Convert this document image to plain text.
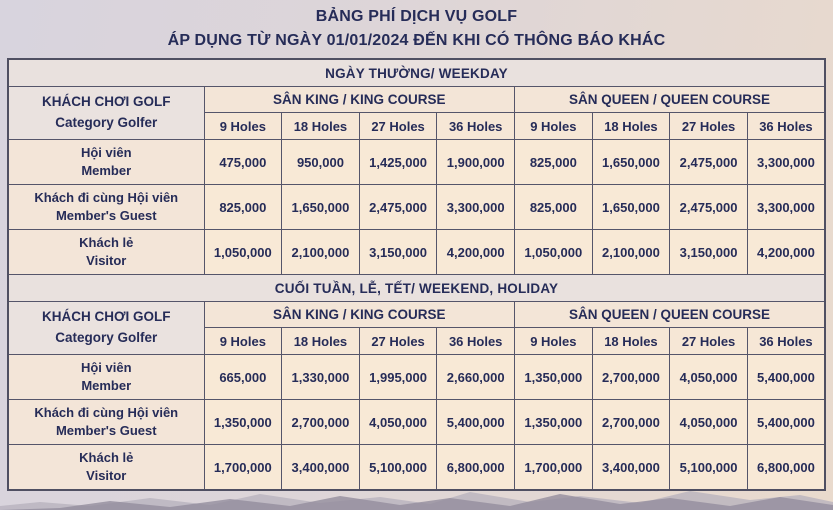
BẢNG PHÍ DỊCH VỤ GOLF
ÁP DỤNG TỪ NGÀY 01/01/2024 ĐẾN KHI CÓ THÔNG BÁO KHÁC
NGÀY THƯỜNG/ WEEKDAY								

KHÁCH CHƠI GOLF
Category Golfer	SÂN KING / KING COURSE				SÂN QUEEN / QUEEN COURSE			
	9 Holes	18 Holes	27 Holes	36 Holes	9 Holes	18 Holes	27 Holes	36 Holes

Hội viên
Member	475,000	950,000	1,425,000	1,900,000	825,000	1,650,000	2,475,000	3,300,000

Khách đi cùng Hội viên
Member's Guest	825,000	1,650,000	2,475,000	3,300,000	825,000	1,650,000	2,475,000	3,300,000

Khách lẻ
Visitor	1,050,000	2,100,000	3,150,000	4,200,000	1,050,000	2,100,000	3,150,000	4,200,000
CUỐI TUẦN, LỄ, TẾT/ WEEKEND, HOLIDAY								

KHÁCH CHƠI GOLF
Category Golfer	SÂN KING / KING COURSE				SÂN QUEEN / QUEEN COURSE			
	9 Holes	18 Holes	27 Holes	36 Holes	9 Holes	18 Holes	27 Holes	36 Holes

Hội viên
Member	665,000	1,330,000	1,995,000	2,660,000	1,350,000	2,700,000	4,050,000	5,400,000

Khách đi cùng Hội viên
Member's Guest	1,350,000	2,700,000	4,050,000	5,400,000	1,350,000	2,700,000	4,050,000	5,400,000

Khách lẻ
Visitor	1,700,000	3,400,000	5,100,000	6,800,000	1,700,000	3,400,000	5,100,000	6,800,000
